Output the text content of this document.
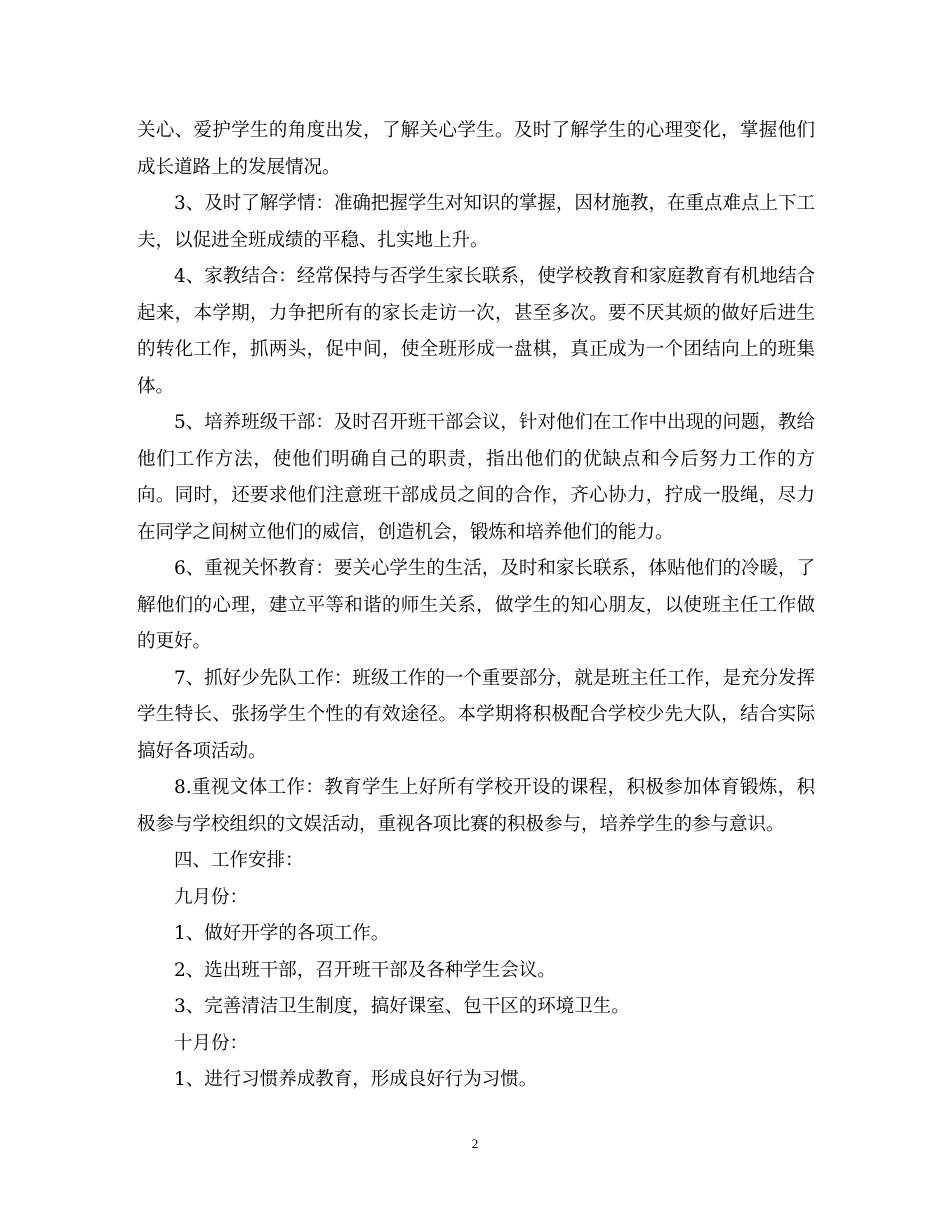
关心、爱护学生的角度出发，了解关心学生。及时了解学生的心理变化，掌握他们成长道路上的发展情况。

3、及时了解学情：准确把握学生对知识的掌握，因材施教，在重点难点上下工夫，以促进全班成绩的平稳、扎实地上升。

4、家教结合：经常保持与否学生家长联系，使学校教育和家庭教育有机地结合起来，本学期，力争把所有的家长走访一次，甚至多次。要不厌其烦的做好后进生的转化工作，抓两头，促中间，使全班形成一盘棋，真正成为一个团结向上的班集体。

5、培养班级干部：及时召开班干部会议，针对他们在工作中出现的问题，教给他们工作方法，使他们明确自己的职责，指出他们的优缺点和今后努力工作的方向。同时，还要求他们注意班干部成员之间的合作，齐心协力，拧成一股绳，尽力在同学之间树立他们的威信，创造机会，锻炼和培养他们的能力。

6、重视关怀教育：要关心学生的生活，及时和家长联系，体贴他们的冷暖，了解他们的心理，建立平等和谐的师生关系，做学生的知心朋友，以使班主任工作做的更好。

7、抓好少先队工作：班级工作的一个重要部分，就是班主任工作，是充分发挥学生特长、张扬学生个性的有效途径。本学期将积极配合学校少先大队，结合实际搞好各项活动。

8.重视文体工作：教育学生上好所有学校开设的课程，积极参加体育锻炼，积极参与学校组织的文娱活动，重视各项比赛的积极参与，培养学生的参与意识。

四、工作安排：

九月份：

1、做好开学的各项工作。

2、选出班干部，召开班干部及各种学生会议。

3、完善清洁卫生制度，搞好课室、包干区的环境卫生。

十月份：

1、进行习惯养成教育，形成良好行为习惯。

2
